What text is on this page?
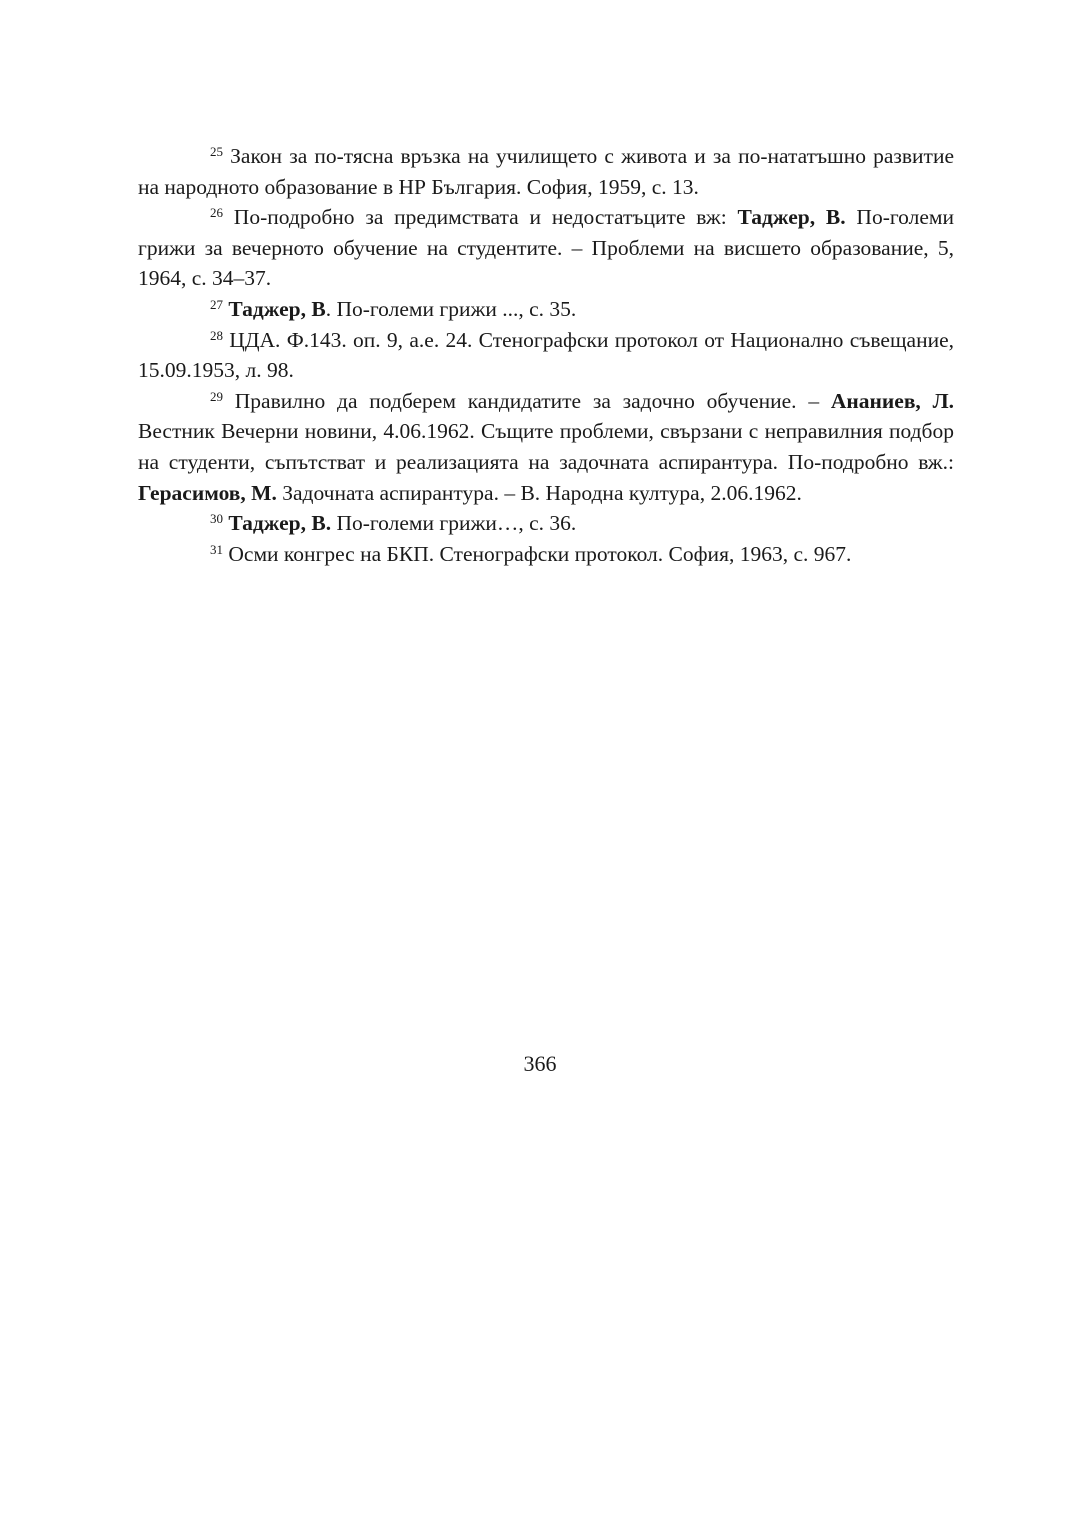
$^{25}$ Закон за по-тясна връзка на училището с живота и за по-нататъшно развитие на народното образование в НР България. София, 1959, с. 13.

$^{26}$ По-подробно за предимствата и недостатъците вж: Таджер, В. По-големи грижи за вечерното обучение на студентите. – Проблеми на висшето образование, 5, 1964, с. 34–37.

$^{27}$ Таджер, В. По-големи грижи ..., с. 35.

$^{28}$ ЦДА. Ф.143. оп. 9, а.е. 24. Стенографски протокол от Национално съвещание, 15.09.1953, л. 98.

$^{29}$ Правилно да подберем кандидатите за задочно обучение. – Ананиев, Л. Вестник Вечерни новини, 4.06.1962. Същите проблеми, свързани с неправилния подбор на студенти, съпътстват и реализацията на задочната аспирантура. По-подробно вж.: Герасимов, М. Задочната аспирантура. – В. Народна култура, 2.06.1962.

$^{30}$ Таджер, В. По-големи грижи…, с. 36.

$^{31}$ Осми конгрес на БКП. Стенографски протокол. София, 1963, с. 967.

366
